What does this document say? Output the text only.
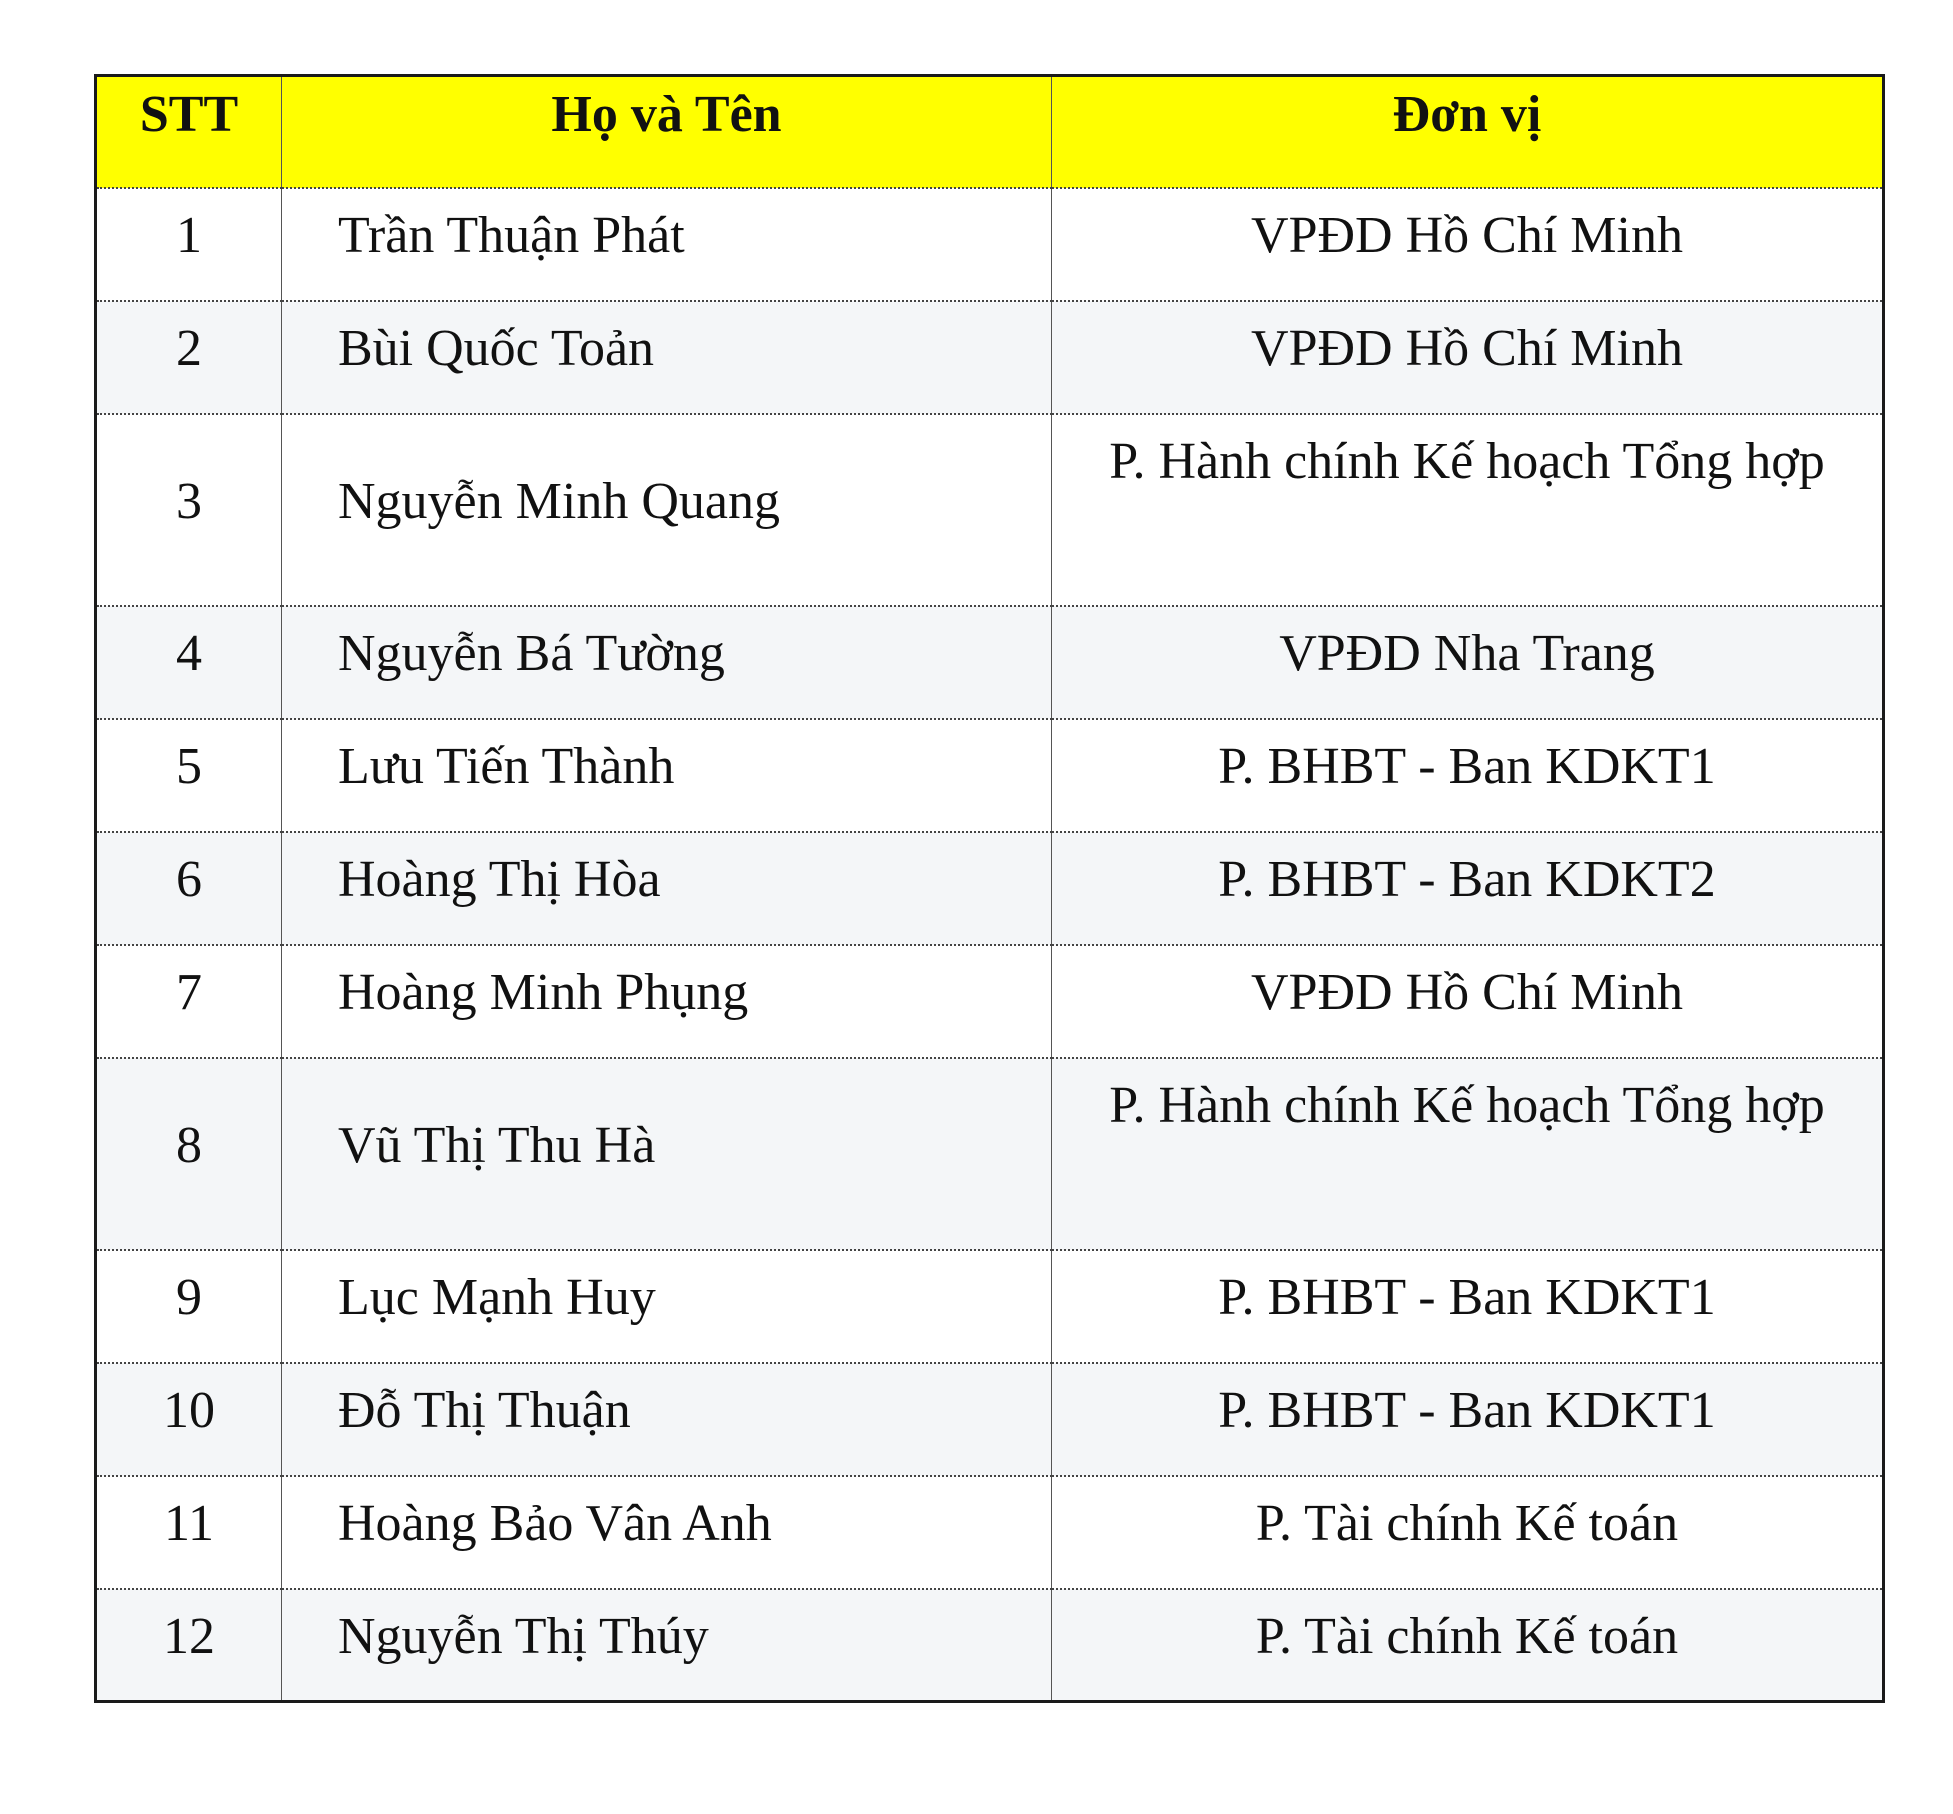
STT	Họ và Tên	Đơn vị
1	Trần Thuận Phát	VPĐD Hồ Chí Minh
2	Bùi Quốc Toản	VPĐD Hồ Chí Minh
3	Nguyễn Minh Quang	P. Hành chính Kế hoạch Tổng hợp
4	Nguyễn Bá Tường	VPĐD Nha Trang
5	Lưu Tiến Thành	P. BHBT - Ban KDKT1
6	Hoàng Thị Hòa	P. BHBT - Ban KDKT2
7	Hoàng Minh Phụng	VPĐD Hồ Chí Minh
8	Vũ Thị Thu Hà	P. Hành chính Kế hoạch Tổng hợp
9	Lục Mạnh Huy	P. BHBT - Ban KDKT1
10	Đỗ Thị Thuận	P. BHBT - Ban KDKT1
11	Hoàng Bảo Vân Anh	P. Tài chính Kế toán
12	Nguyễn Thị Thúy	P. Tài chính Kế toán
